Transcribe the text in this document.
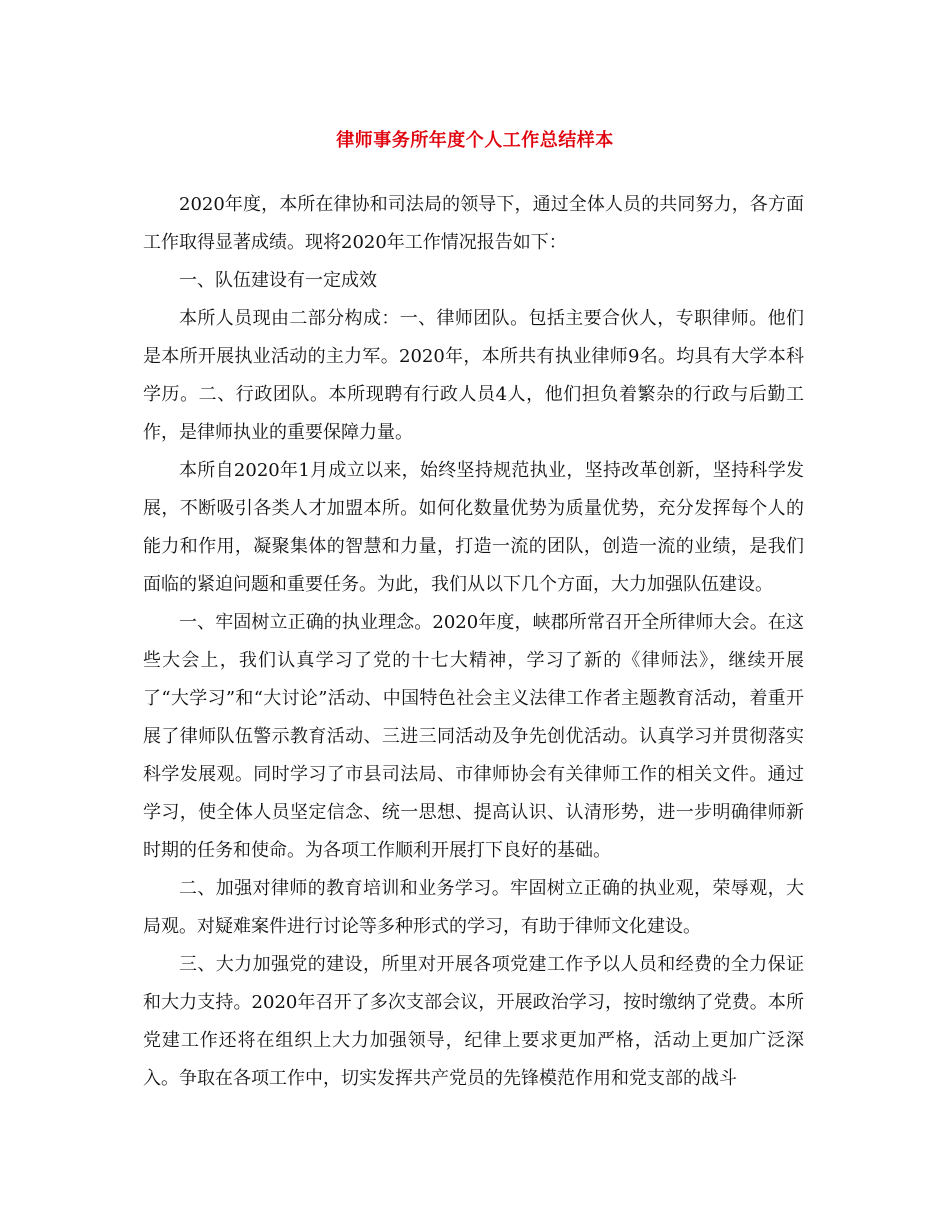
律师事务所年度个人工作总结样本

2020年度，本所在律协和司法局的领导下，通过全体人员的共同努力，各方面工作取得显著成绩。现将2020年工作情况报告如下：

一、队伍建设有一定成效

本所人员现由二部分构成：一、律师团队。包括主要合伙人，专职律师。他们是本所开展执业活动的主力军。2020年，本所共有执业律师9名。均具有大学本科学历。二、行政团队。本所现聘有行政人员4人，他们担负着繁杂的行政与后勤工作，是律师执业的重要保障力量。

本所自2020年1月成立以来，始终坚持规范执业，坚持改革创新，坚持科学发展，不断吸引各类人才加盟本所。如何化数量优势为质量优势，充分发挥每个人的能力和作用，凝聚集体的智慧和力量，打造一流的团队，创造一流的业绩，是我们面临的紧迫问题和重要任务。为此，我们从以下几个方面，大力加强队伍建设。

一、牢固树立正确的执业理念。2020年度，峡郡所常召开全所律师大会。在这些大会上，我们认真学习了党的十七大精神，学习了新的《律师法》，继续开展了“大学习”和“大讨论”活动、中国特色社会主义法律工作者主题教育活动，着重开展了律师队伍警示教育活动、三进三同活动及争先创优活动。认真学习并贯彻落实科学发展观。同时学习了市县司法局、市律师协会有关律师工作的相关文件。通过学习，使全体人员坚定信念、统一思想、提高认识、认清形势，进一步明确律师新时期的任务和使命。为各项工作顺利开展打下良好的基础。

二、加强对律师的教育培训和业务学习。牢固树立正确的执业观，荣辱观，大局观。对疑难案件进行讨论等多种形式的学习，有助于律师文化建设。

三、大力加强党的建设，所里对开展各项党建工作予以人员和经费的全力保证和大力支持。2020年召开了多次支部会议，开展政治学习，按时缴纳了党费。本所党建工作还将在组织上大力加强领导，纪律上要求更加严格，活动上更加广泛深入。争取在各项工作中，切实发挥共产党员的先锋模范作用和党支部的战斗
